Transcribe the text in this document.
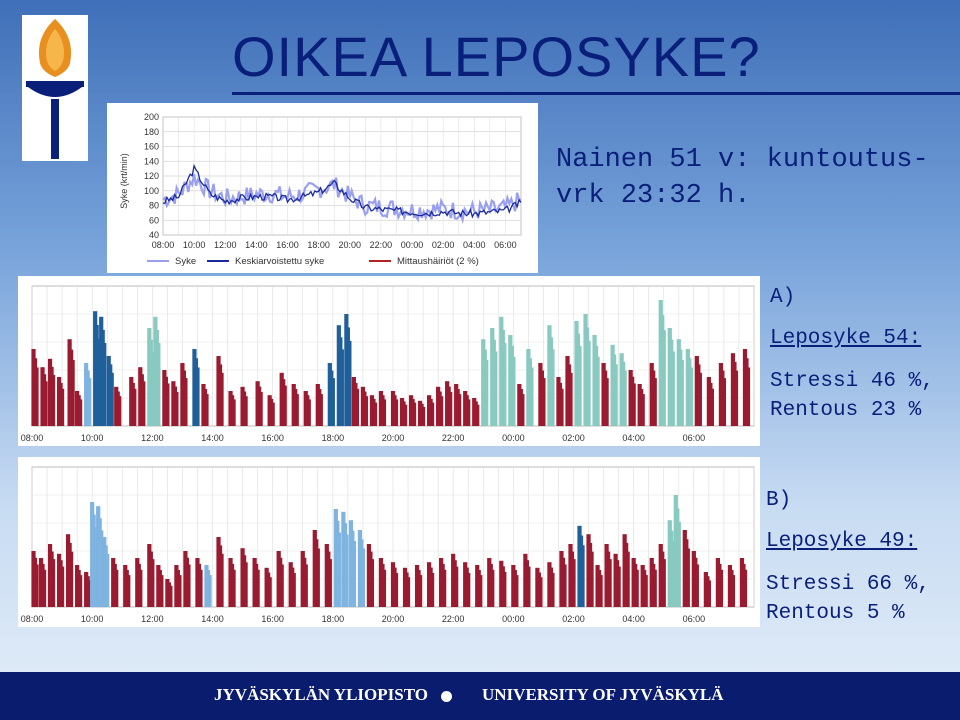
OIKEA LEPOSYKE?
Nainen 51 v: kuntoutus-
vrk 23:32 h.
40
60
80
100
120
140
160
180
200
08:00 10:00 12:00 14:00 16:00 18:00 20:00 22:00 00:00 02:00 04:00 06:00
Syke (krt/min)
Syke	Keskiarvoistettu syke	Mittaushäiriöt (2 %)
08:00	10:00	12:00	14:00	16:00	18:00	20:00	22:00	00:00	02:00	04:00	06:00
08:00	10:00	12:00	14:00	16:00	18:00	20:00	22:00	00:00	02:00	04:00	06:00
A)
Leposyke 54:
Stressi 46 %,
Rentous 23 %
B)
Leposyke 49:
Stressi 66 %,
Rentous 5 %
JYVÄSKYLÄN YLIOPISTO	UNIVERSITY OF JYVÄSKYLÄ
